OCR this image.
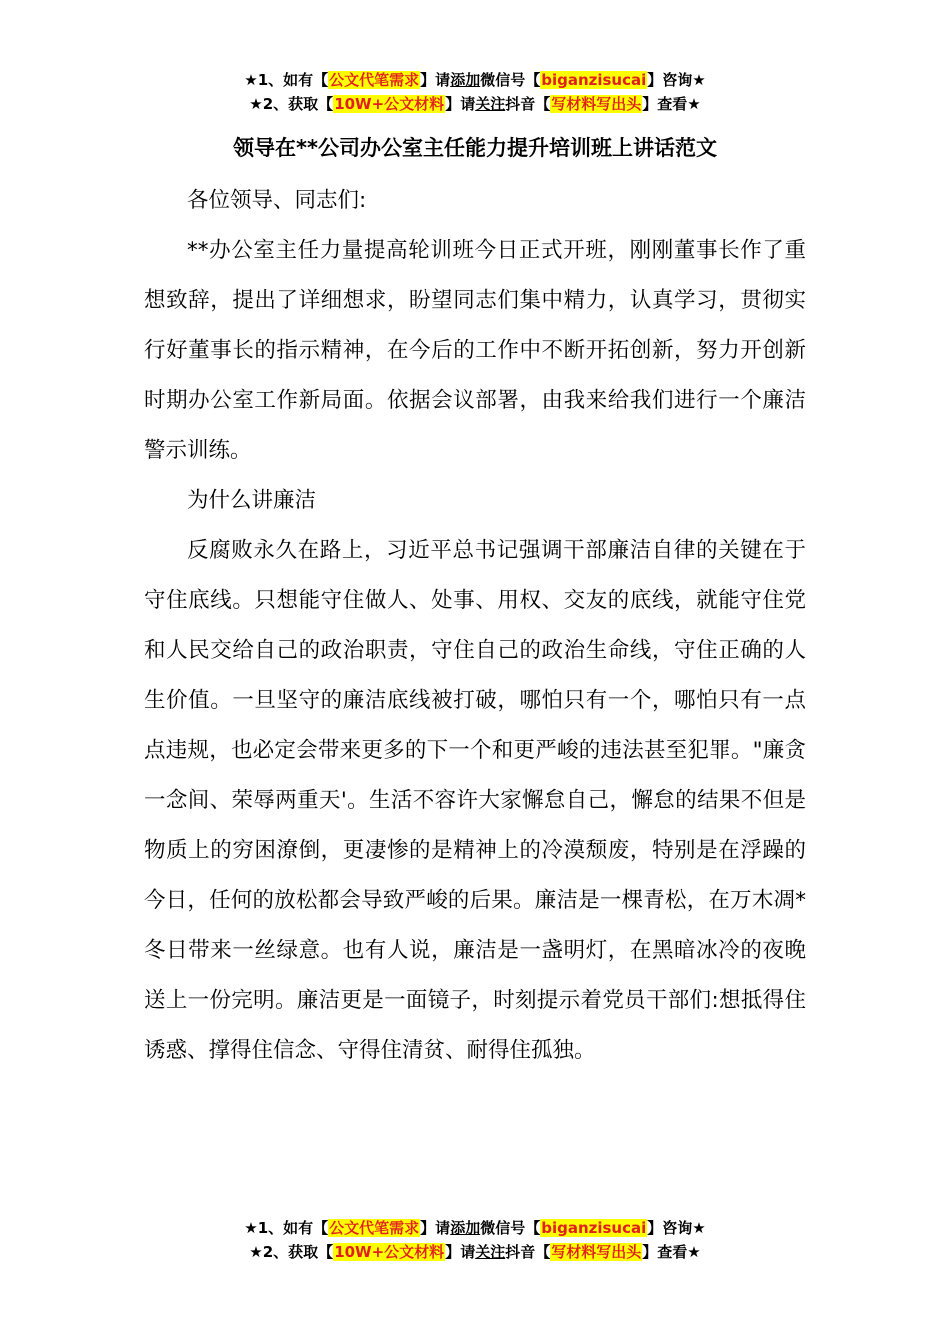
★1、如有【公文代笔需求】请添加微信号【biganzisucai】咨询★
★2、获取【10W+公文材料】请关注抖音【写材料写出头】查看★
领导在**公司办公室主任能力提升培训班上讲话范文

各位领导、同志们:

**办公室主任力量提高轮训班今日正式开班，刚刚董事长作了重想致辞，提出了详细想求，盼望同志们集中精力，认真学习，贯彻实行好董事长的指示精神，在今后的工作中不断开拓创新，努力开创新时期办公室工作新局面。依据会议部署，由我来给我们进行一个廉洁警示训练。

为什么讲廉洁

反腐败永久在路上，习近平总书记强调干部廉洁自律的关键在于守住底线。只想能守住做人、处事、用权、交友的底线，就能守住党和人民交给自己的政治职责，守住自己的政治生命线，守住正确的人生价值。一旦坚守的廉洁底线被打破，哪怕只有一个，哪怕只有一点点违规，也必定会带来更多的下一个和更严峻的违法甚至犯罪。"廉贪一念间、荣辱两重天'。生活不容许大家懈怠自己，懈怠的结果不但是物质上的穷困潦倒，更凄惨的是精神上的冷漠颓废，特别是在浮躁的今日，任何的放松都会导致严峻的后果。廉洁是一棵青松，在万木凋*冬日带来一丝绿意。也有人说，廉洁是一盏明灯，在黑暗冰冷的夜晚送上一份完明。廉洁更是一面镜子，时刻提示着党员干部们:想抵得住诱惑、撑得住信念、守得住清贫、耐得住孤独。

★1、如有【公文代笔需求】请添加微信号【biganzisucai】咨询★
★2、获取【10W+公文材料】请关注抖音【写材料写出头】查看★
